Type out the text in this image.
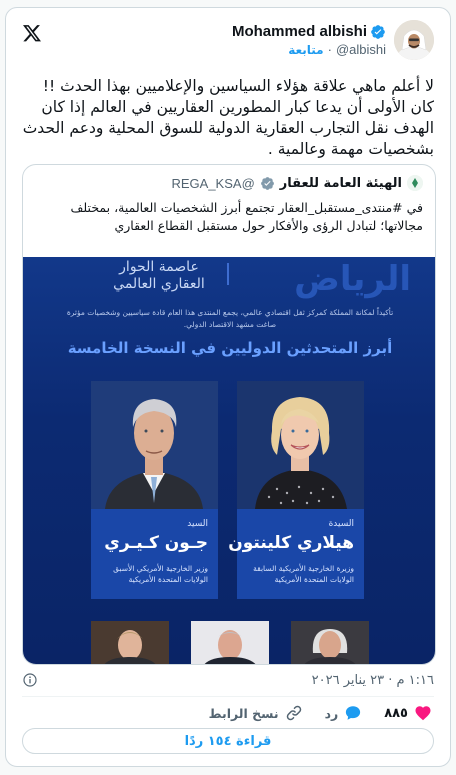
Mohammed albishi
متابعة · @albishi
لا أعلم ماهي علاقة هؤلاء السياسين والإعلاميين بهذا الحدث !! كان الأولى أن يدعا كبار المطورين العقاريين في العالم إذا كان الهدف نقل التجارب العقارية الدولية للسوق المحلية ودعم الحدث بشخصيات مهمة وعالمية .
الهيئة العامة للعقار
@REGA_KSA
في #منتدى_مستقبل_العقار تجتمع أبرز الشخصيات العالمية، بمختلف مجالاتها؛ لتبادل الرؤى والأفكار حول مستقبل القطاع العقاري
الرياض
عاصمة الحوار
العقاري العالمي
تأكيداً لمكانة المملكة كمركز ثقل اقتصادي عالمي، يجمع المنتدى هذا العام قادة سياسيين وشخصيات مؤثرة صاغت مشهد الاقتصاد الدولي.
أبرز المتحدثين الدوليين في النسخة الخامسة
السيدة
هيلاري كلينتون
وزيرة الخارجية الأمريكية السابقة
الولايات المتحدة الأمريكية
السيد
جـون كـيـري
وزير الخارجية الأمريكي الأسبق
الولايات المتحدة الأمريكية
١:١٦ م · ٢٣ يناير ٢٠٢٦
٨٨٥
رد
نسخ الرابط
قراءة ١٥٤ ردًا
